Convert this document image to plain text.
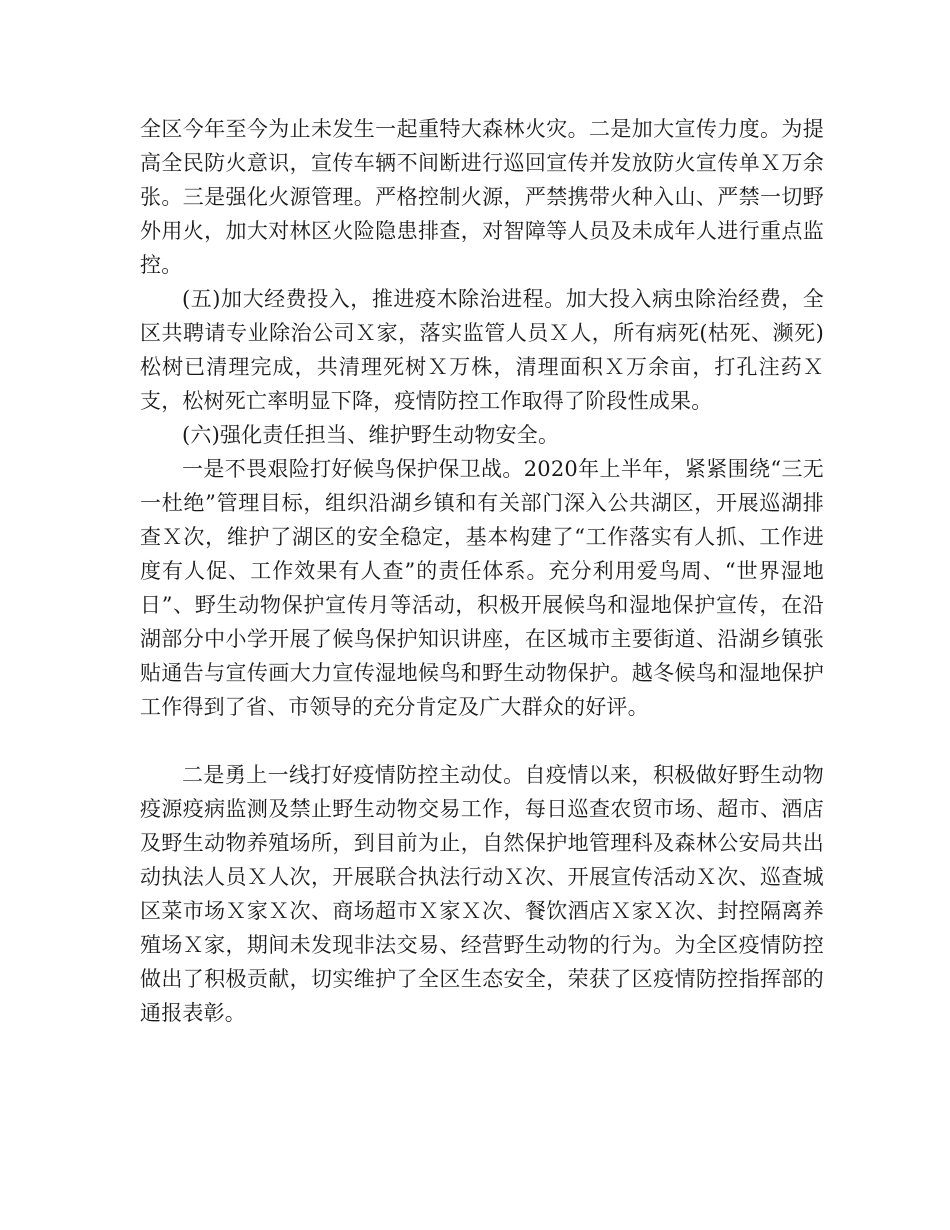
全区今年至今为止未发生一起重特大森林火灾。二是加大宣传力度。为提高全民防火意识，宣传车辆不间断进行巡回宣传并发放防火宣传单Ｘ万余张。三是强化火源管理。严格控制火源，严禁携带火种入山、严禁一切野外用火，加大对林区火险隐患排查，对智障等人员及未成年人进行重点监控。

(五)加大经费投入，推进疫木除治进程。加大投入病虫除治经费，全区共聘请专业除治公司Ｘ家，落实监管人员Ｘ人，所有病死(枯死、濒死)松树已清理完成，共清理死树Ｘ万株，清理面积Ｘ万余亩，打孔注药Ｘ支，松树死亡率明显下降，疫情防控工作取得了阶段性成果。

(六)强化责任担当、维护野生动物安全。

一是不畏艰险打好候鸟保护保卫战。2020年上半年，紧紧围绕“三无一杜绝”管理目标，组织沿湖乡镇和有关部门深入公共湖区，开展巡湖排查Ｘ次，维护了湖区的安全稳定，基本构建了“工作落实有人抓、工作进度有人促、工作效果有人查”的责任体系。充分利用爱鸟周、“世界湿地日”、野生动物保护宣传月等活动，积极开展候鸟和湿地保护宣传，在沿湖部分中小学开展了候鸟保护知识讲座，在区城市主要街道、沿湖乡镇张贴通告与宣传画大力宣传湿地候鸟和野生动物保护。越冬候鸟和湿地保护工作得到了省、市领导的充分肯定及广大群众的好评。

二是勇上一线打好疫情防控主动仗。自疫情以来，积极做好野生动物疫源疫病监测及禁止野生动物交易工作，每日巡查农贸市场、超市、酒店及野生动物养殖场所，到目前为止，自然保护地管理科及森林公安局共出动执法人员Ｘ人次，开展联合执法行动Ｘ次、开展宣传活动Ｘ次、巡查城区菜市场Ｘ家Ｘ次、商场超市Ｘ家Ｘ次、餐饮酒店Ｘ家Ｘ次、封控隔离养殖场Ｘ家，期间未发现非法交易、经营野生动物的行为。为全区疫情防控做出了积极贡献，切实维护了全区生态安全，荣获了区疫情防控指挥部的通报表彰。
